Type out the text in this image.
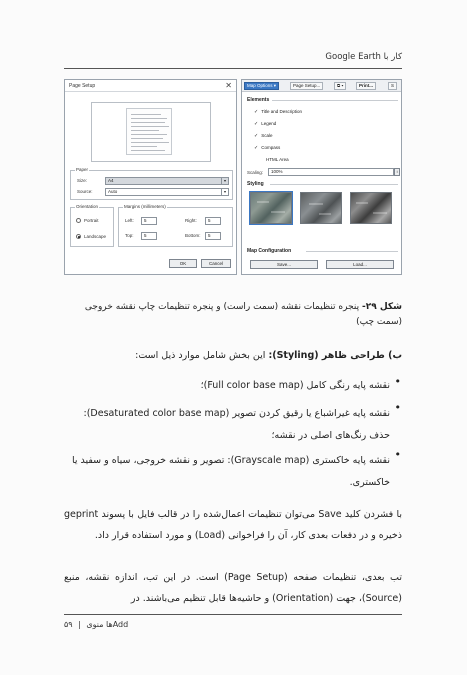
کار با Google Earth
Page Setup	✕
Paper
Size:	A4	▾
Source:	Auto	▾
Orientation
Portrait
Landscape
Margins (millimeters)
Left:	5	Right:	5
Top:	5	Bottom:	5
OK	Cancel
Map Options ▾	Page Setup...	⧉ ▾	Print...	S
Elements
✓ Title and Description
✓ Legend
✓ Scale
✓ Compass
HTML Area
Scaling:	100%	↕
Styling
Map Configuration
Save...	Load...
شکل ۲۹- پنجره تنظیمات نقشه (سمت راست) و پنجره تنظیمات چاپ نقشه خروجی (سمت چپ)
ب) طراحی ظاهر (Styling): این بخش شامل موارد ذیل است:
•
نقشه پایه رنگی کامل (Full color base map)؛
•
نقشه پایه غیراشباع یا رقیق کردن تصویر (Desaturated color base map): حذف رنگ‌های اصلی در نقشه؛
•
نقشه پایه خاکستری (Grayscale map): تصویر و نقشه خروجی، سیاه و سفید یا خاکستری.
با فشردن کلید Save می‌توان تنظیمات اعمال‌شده را در قالب فایل با پسوند geprint ذخیره و در دفعات بعدی کار، آن را فراخوانی (Load) و مورد استفاده قرار داد.
تب بعدی، تنظیمات صفحه (Page Setup) است. در این تب، اندازه نقشه، منبع (Source)، جهت (Orientation) و حاشیه‌ها قابل تنظیم می‌باشند. در
۵۹ | Add‌ها منوی
